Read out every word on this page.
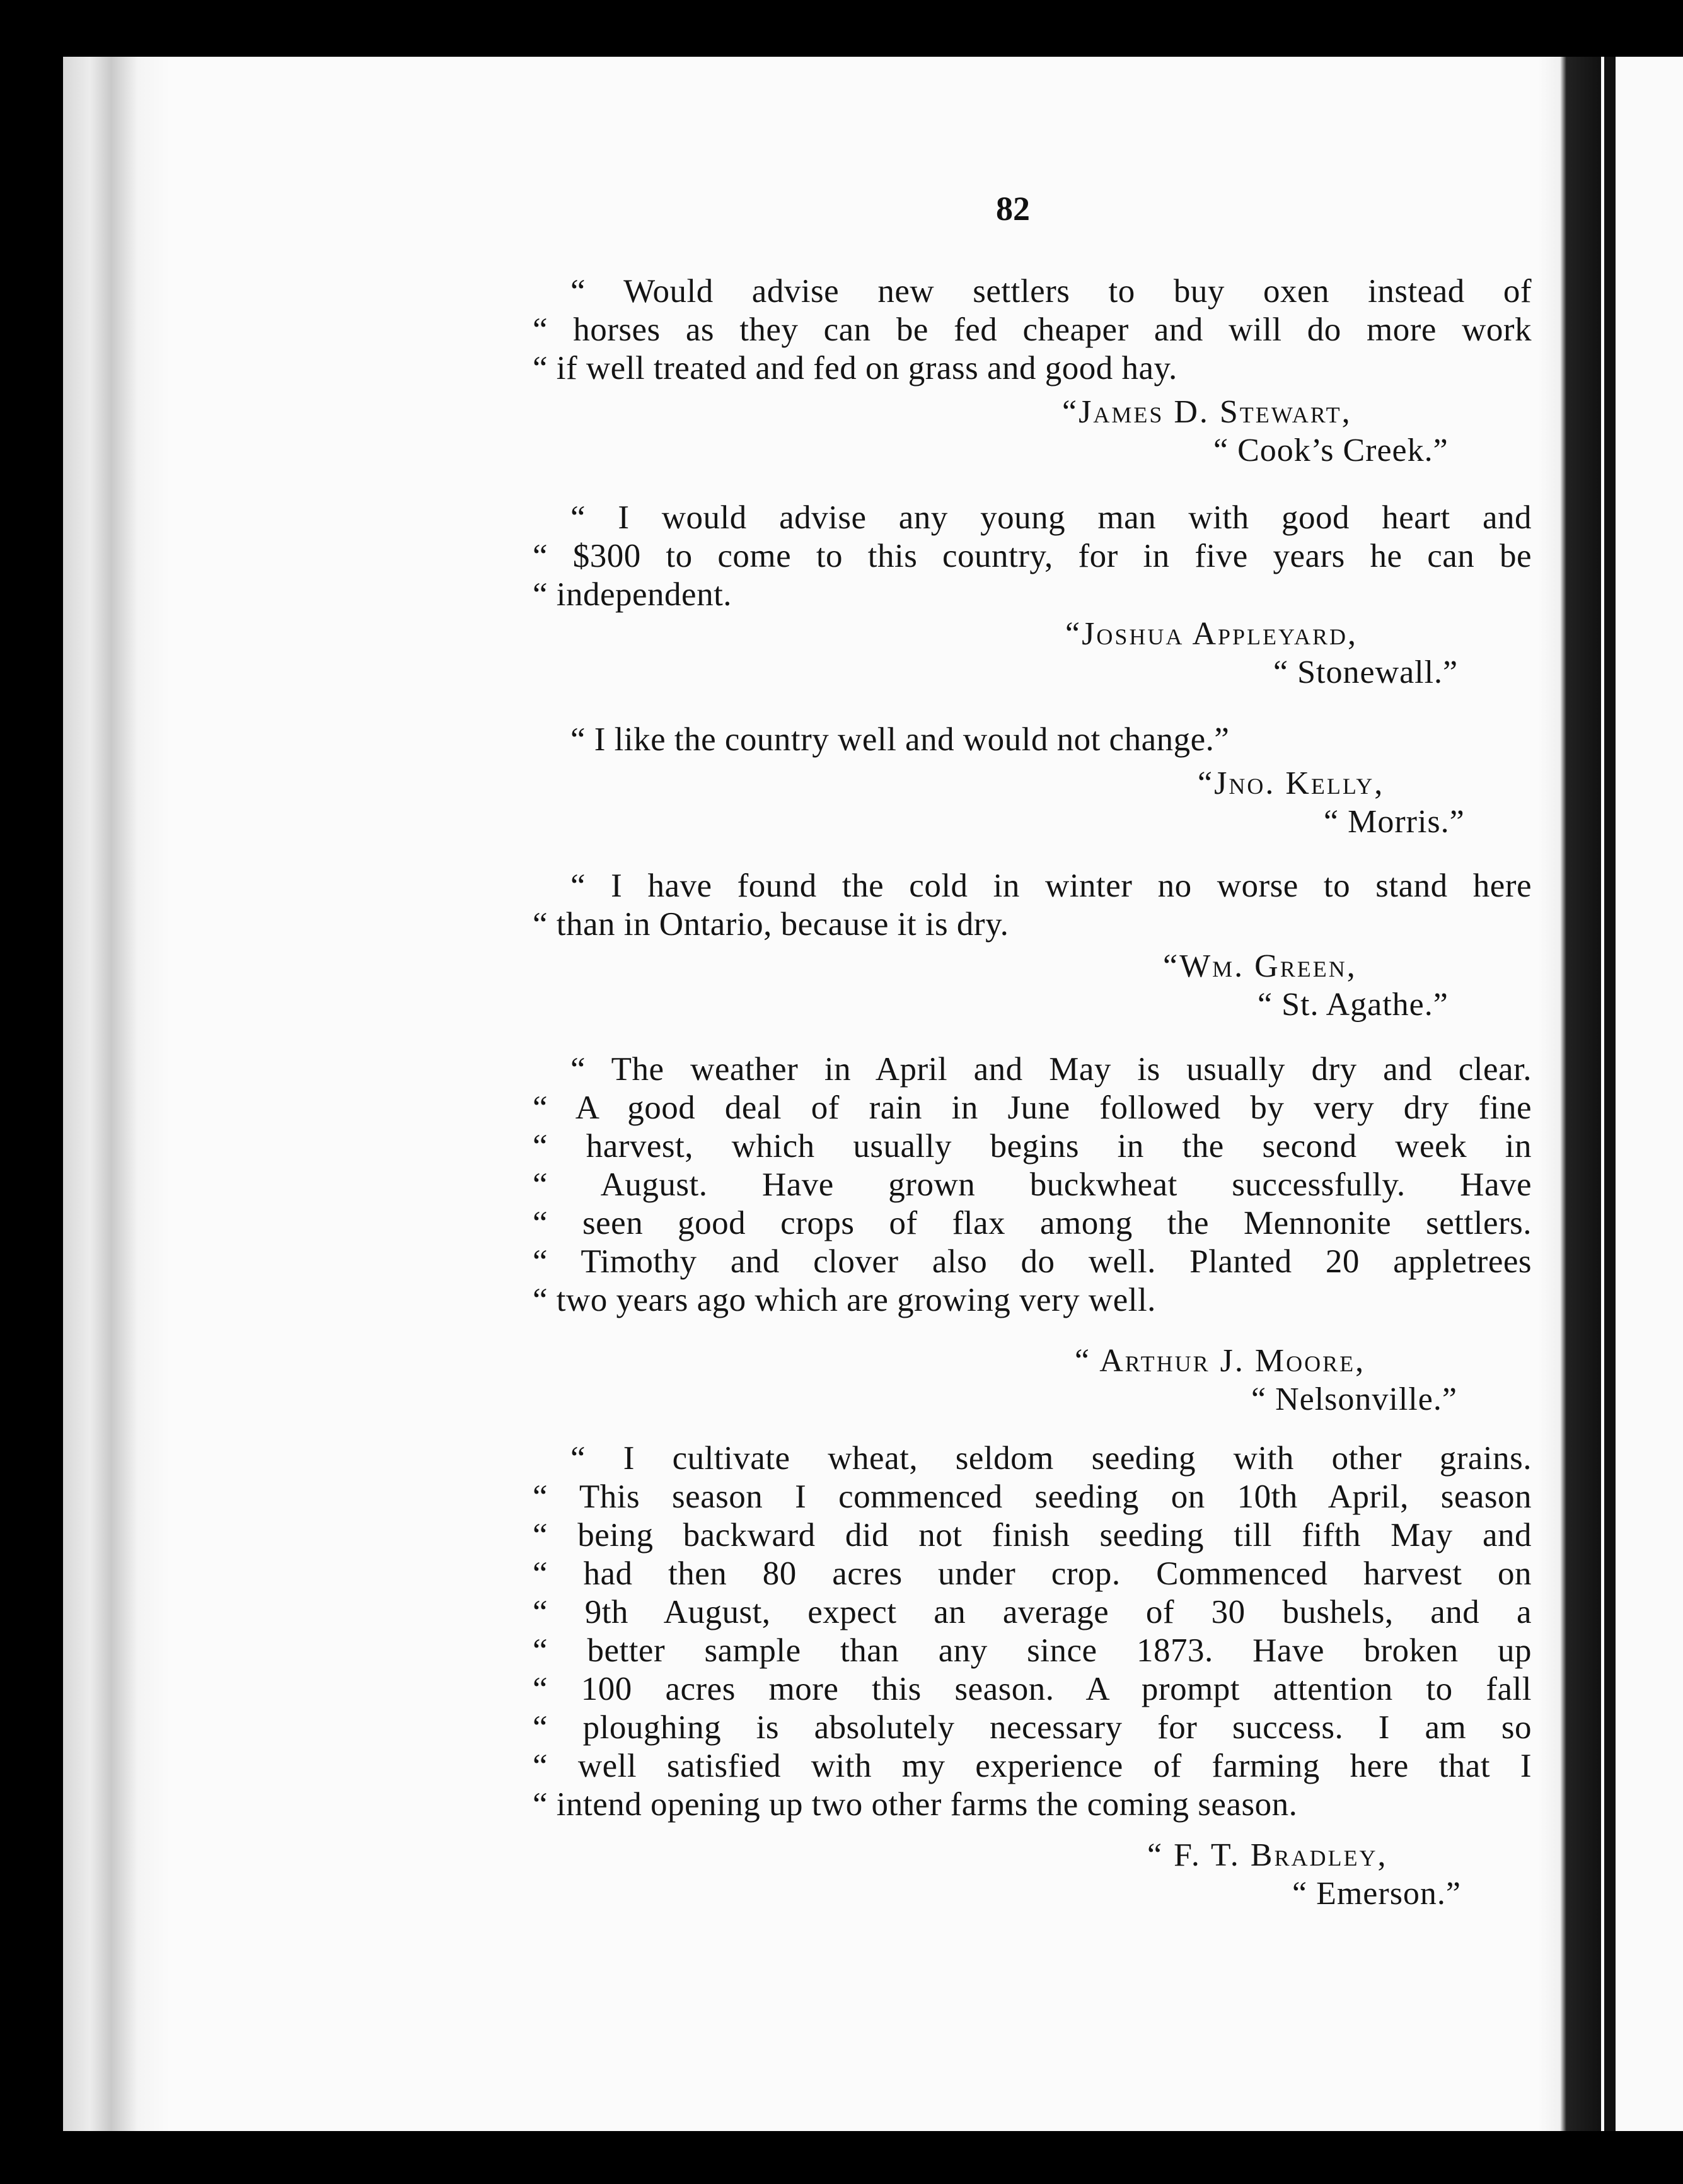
82
“ Would advise new settlers to buy oxen instead of
“ horses as they can be fed cheaper and will do more work
“ if well treated and fed on grass and good hay.
“James D. Stewart,
“ Cook’s Creek.”
“ I would advise any young man with good heart and
“ $300 to come to this country, for in five years he can be
“ independent.
“Joshua Appleyard,
“ Stonewall.”
“ I like the country well and would not change.”
“Jno. Kelly,
“ Morris.”
“ I have found the cold in winter no worse to stand here
“ than in Ontario, because it is dry.
“Wm. Green,
“ St. Agathe.”
“ The weather in April and May is usually dry and clear.
“ A good deal of rain in June followed by very dry fine
“ harvest, which usually begins in the second week in
“ August. Have grown buckwheat successfully. Have
“ seen good crops of flax among the Mennonite settlers.
“ Timothy and clover also do well. Planted 20 appletrees
“ two years ago which are growing very well.
“ Arthur J. Moore,
“ Nelsonville.”
“ I cultivate wheat, seldom seeding with other grains.
“ This season I commenced seeding on 10th April, season
“ being backward did not finish seeding till fifth May and
“ had then 80 acres under crop. Commenced harvest on
“ 9th August, expect an average of 30 bushels, and a
“ better sample than any since 1873. Have broken up
“ 100 acres more this season. A prompt attention to fall
“ ploughing is absolutely necessary for success. I am so
“ well satisfied with my experience of farming here that I
“ intend opening up two other farms the coming season.
“ F. T. Bradley,
“ Emerson.”
